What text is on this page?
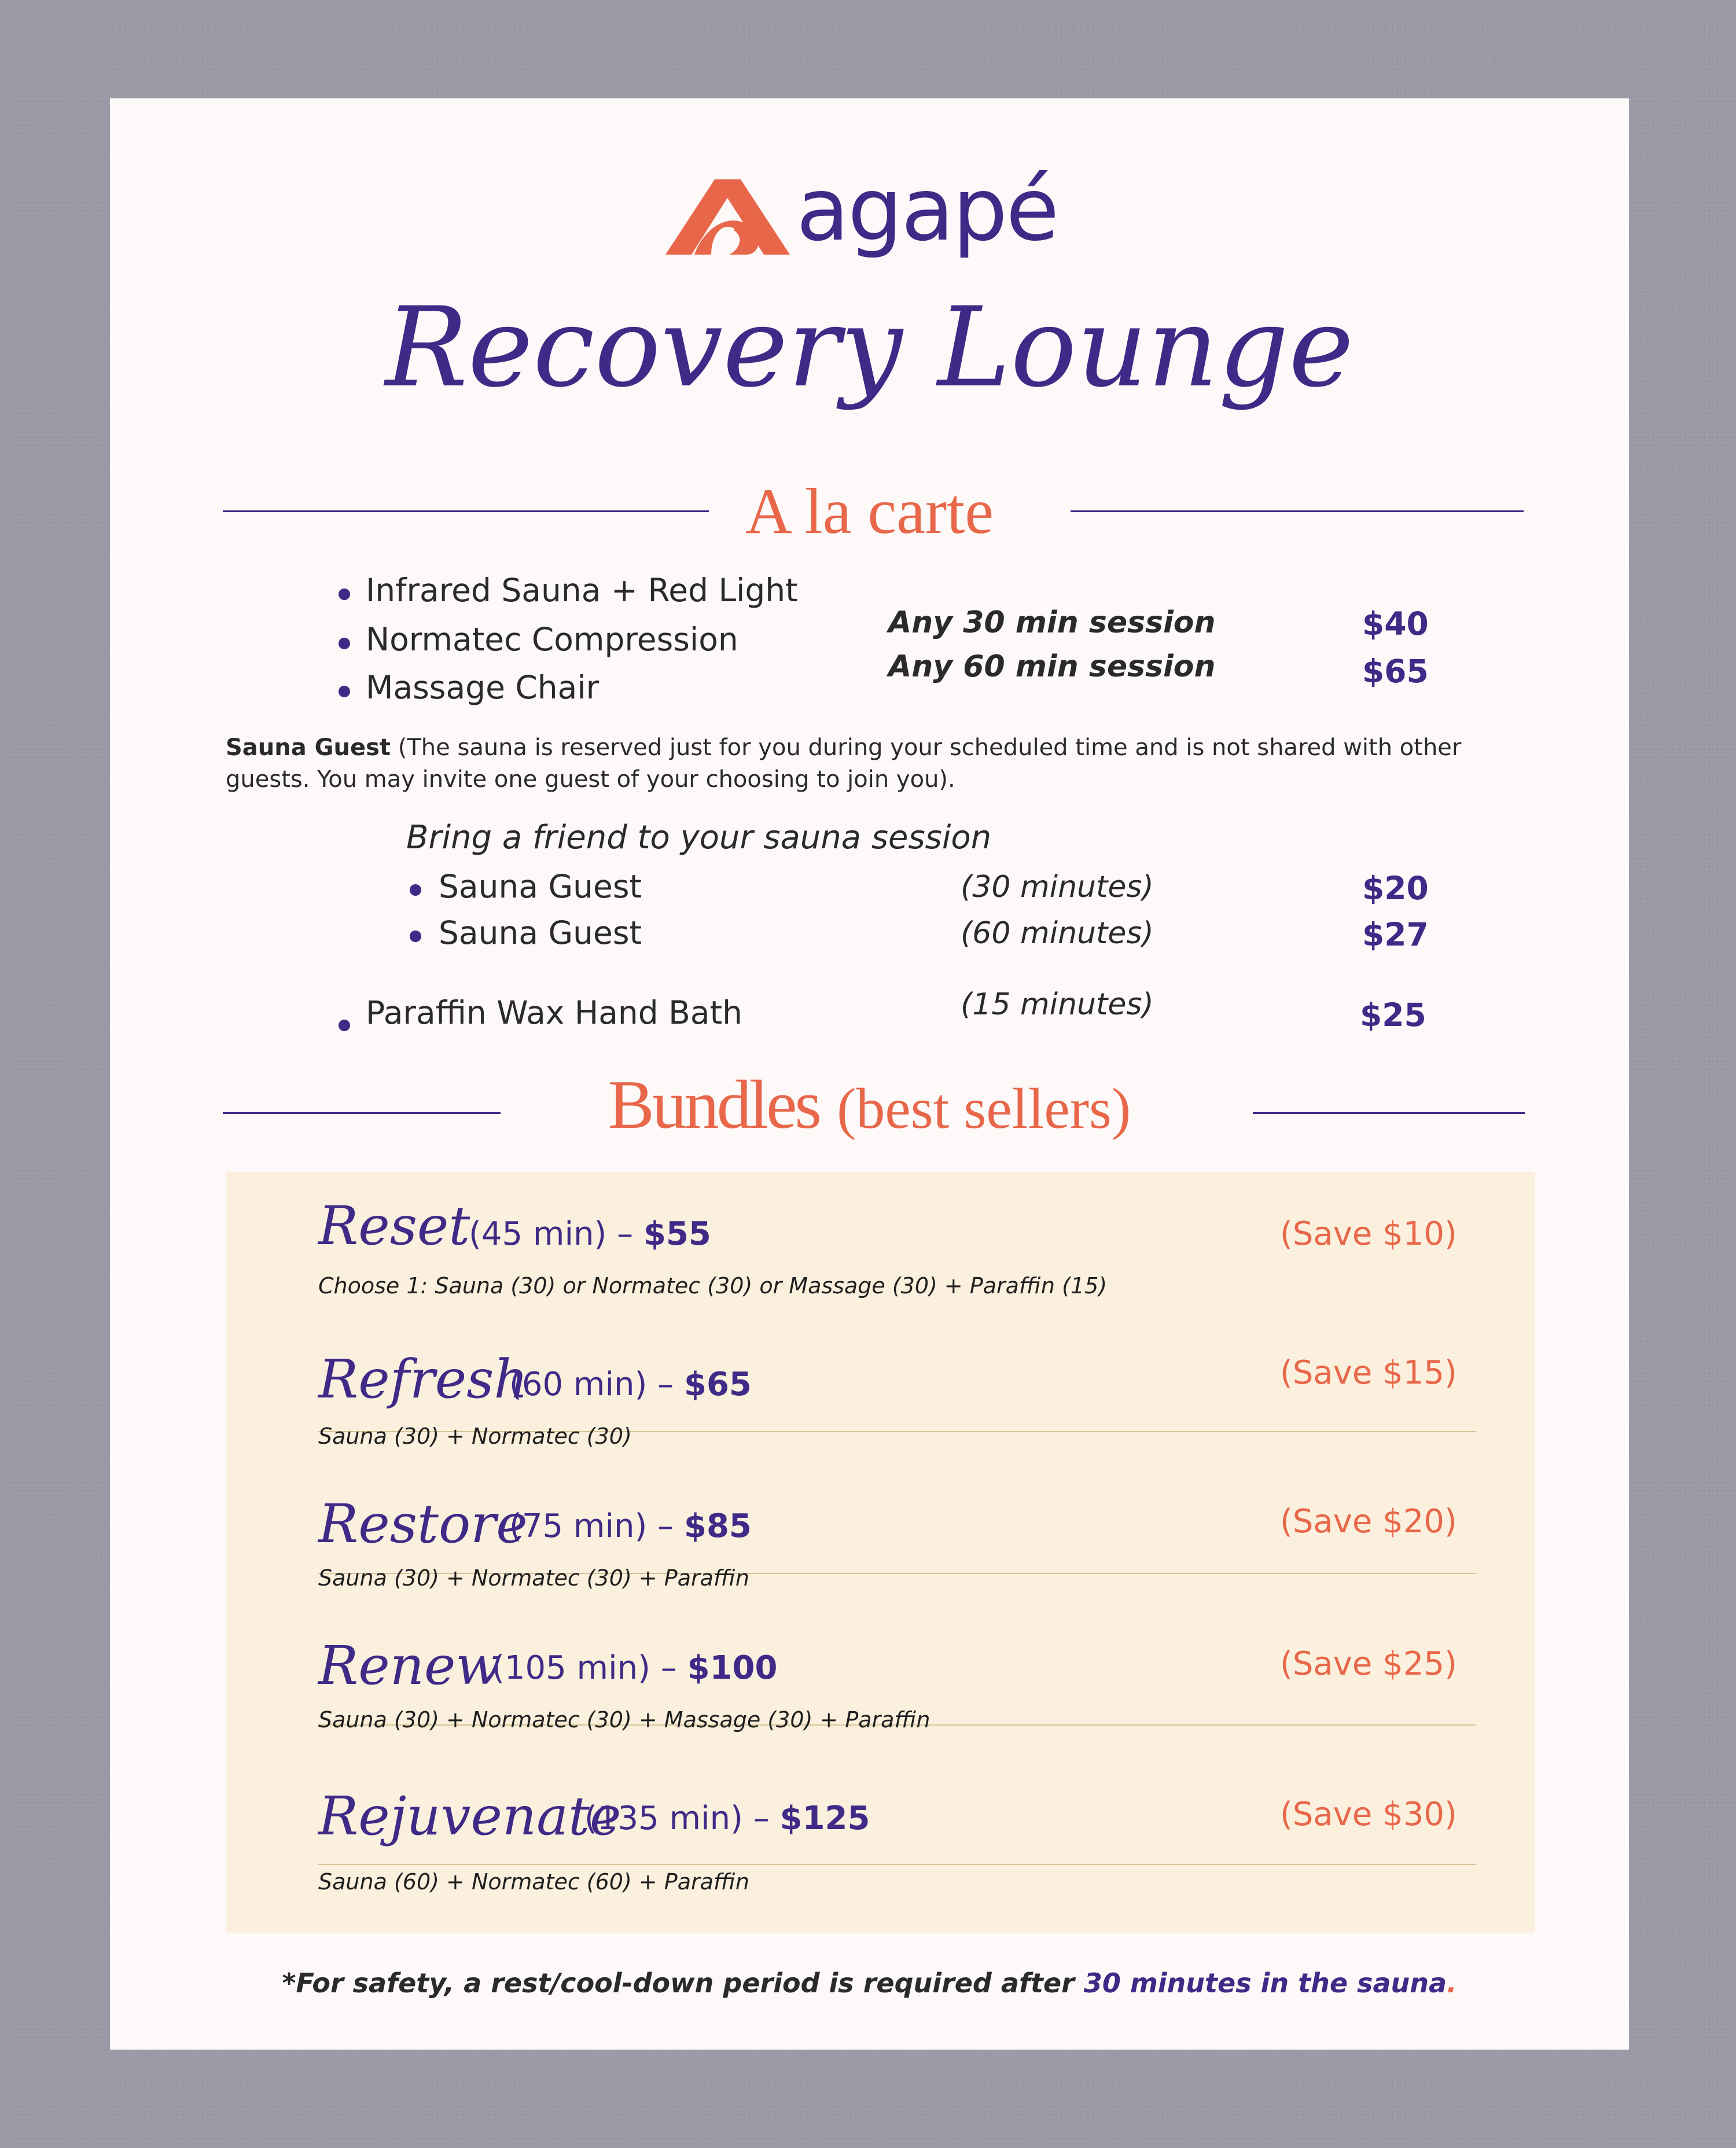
agapé
Recovery Lounge
A la carte
Infrared Sauna + Red Light
Normatec Compression
Massage Chair
Any 30 min session	$40
Any 60 min session	$65
Sauna Guest (The sauna is reserved just for you during your scheduled time and is not shared with other guests. You may invite one guest of your choosing to join you).
Bring a friend to your sauna session
Sauna Guest	(30 minutes)	$20
Sauna Guest	(60 minutes)	$27
Paraffin Wax Hand Bath	(15 minutes)	$25
Bundles (best sellers)
Reset
(45 min) – $55	(Save $10)
Choose 1: Sauna (30) or Normatec (30) or Massage (30) + Paraffin (15)
Refresh
(60 min) – $65	(Save $15)
Sauna (30) + Normatec (30)
Restore
(75 min) – $85	(Save $20)
Sauna (30) + Normatec (30) + Paraffin
Renew
(105 min) – $100	(Save $25)
Sauna (30) + Normatec (30) + Massage (30) + Paraffin
Rejuvenate
(135 min) – $125	(Save $30)
Sauna (60) + Normatec (60) + Paraffin
*For safety, a rest/cool-down period is required after 30 minutes in the sauna.
